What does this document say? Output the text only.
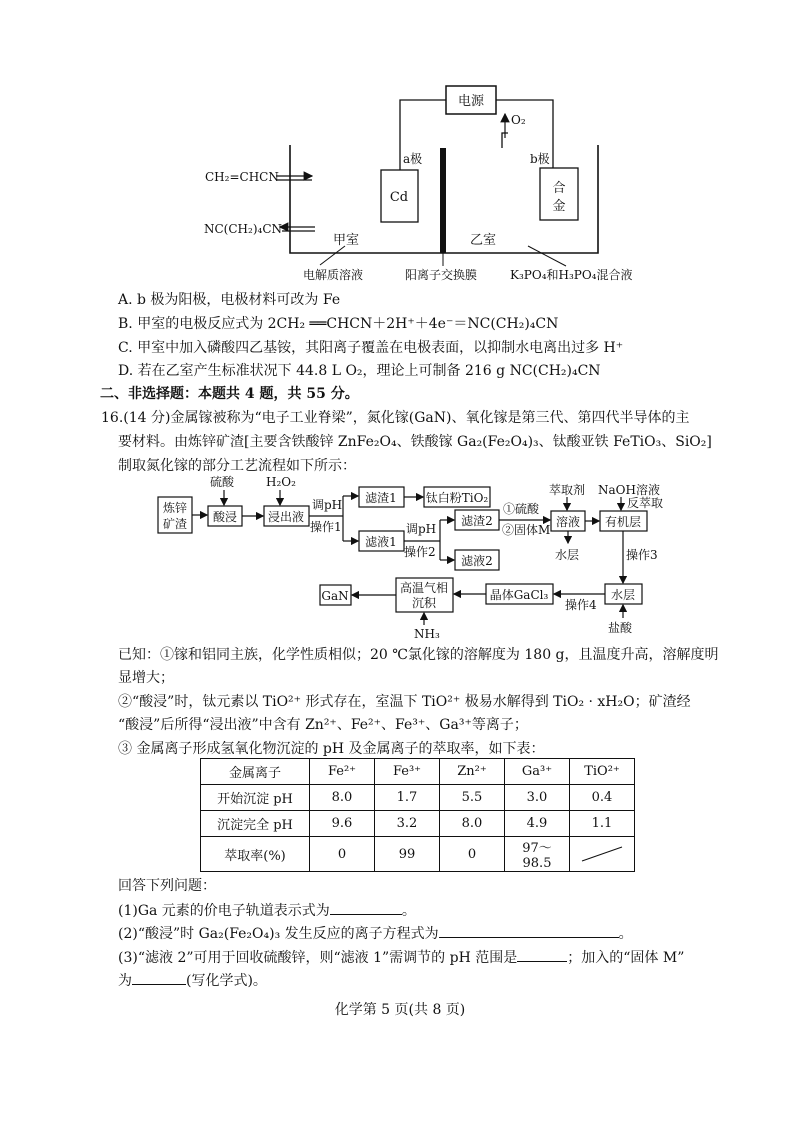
电源
Cd
a极
合
金
b极
O₂
CH₂=CHCN
NC(CH₂)₄CN
甲室	乙室
电解质溶液	阳离子交换膜	K₃PO₄和H₃PO₄混合液
A. b 极为阳极，电极材料可改为 Fe
B. 甲室的电极反应式为 2CH₂ ══CHCN＋2H⁺＋4e⁻＝NC(CH₂)₄CN
C. 甲室中加入磷酸四乙基铵，其阳离子覆盖在电极表面，以抑制水电离出过多 H⁺
D. 若在乙室产生标准状况下 44.8 L O₂，理论上可制备 216 g NC(CH₂)₄CN
二、非选择题：本题共 4 题，共 55 分。
16.(14 分)金属镓被称为“电子工业脊梁”，氮化镓(GaN)、氧化镓是第三代、第四代半导体的主
要材料。由炼锌矿渣[主要含铁酸锌 ZnFe₂O₄、铁酸镓 Ga₂(Fe₂O₄)₃、钛酸亚铁 FeTiO₃、SiO₂]
制取氮化镓的部分工艺流程如下所示：
炼锌
矿渣
硫酸
酸浸
H₂O₂
浸出液
调pH
操作1
滤渣1 钛白粉TiO₂
滤液1
调pH
操作2
滤渣2
滤液2
①硫酸
②固体M
萃取剂
溶液
水层
NaOH溶液
反萃取
有机层
操作3
水层
盐酸
操作4
晶体GaCl₃
高温气相
沉积
NH₃
GaN
已知：①镓和铝同主族，化学性质相似；20 ℃氯化镓的溶解度为 180 g，且温度升高，溶解度明
显增大；
②“酸浸”时，钛元素以 TiO²⁺ 形式存在，室温下 TiO²⁺ 极易水解得到 TiO₂ · xH₂O；矿渣经
“酸浸”后所得“浸出液”中含有 Zn²⁺、Fe²⁺、Fe³⁺、Ga³⁺等离子；
③ 金属离子形成氢氧化物沉淀的 pH 及金属离子的萃取率，如下表：
金属离子	Fe²⁺	Fe³⁺	Zn²⁺	Ga³⁺	TiO²⁺
开始沉淀 pH	8.0	1.7	5.5	3.0	0.4
沉淀完全 pH	9.6	3.2	8.0	4.9	1.1
萃取率(%)	0	99	0	97～98.5	
回答下列问题：
(1)Ga 元素的价电子轨道表示式为	。
(2)“酸浸”时 Ga₂(Fe₂O₄)₃ 发生反应的离子方程式为	。
(3)“滤液 2”可用于回收硫酸锌，则“滤液 1”需调节的 pH 范围是	；加入的“固体 M”
为	(写化学式)。
化学第 5 页(共 8 页)
